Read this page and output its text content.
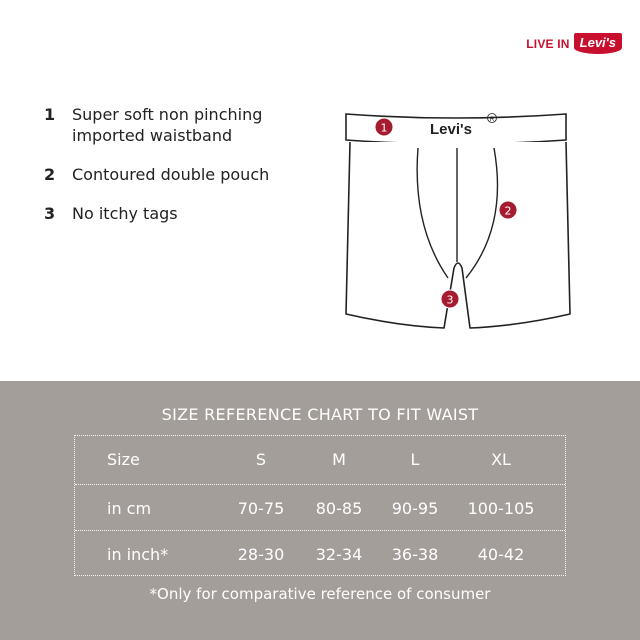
LIVE IN Levi's
1	Super soft non pinching imported waistband
2	Contoured double pouch
3	No itchy tags
Levi's
R
1
2
3
SIZE REFERENCE CHART TO FIT WAIST
Size	S	M	L	XL
in cm	70-75 80-85 90-95 100-105
in inch*	28-30 32-34 36-38 40-42
*Only for comparative reference of consumer
